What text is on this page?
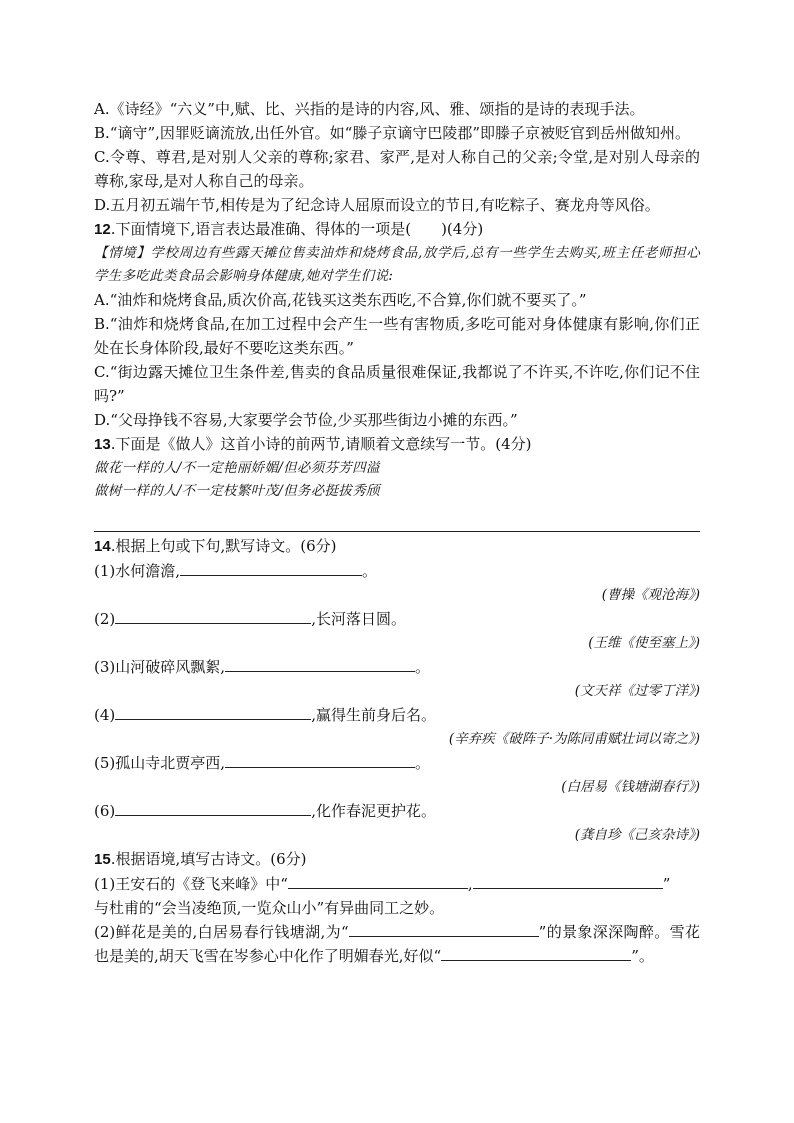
A.《诗经》“六义”中,赋、比、兴指的是诗的内容,风、雅、颂指的是诗的表现手法。

B.“谪守”,因罪贬谪流放,出任外官。如“滕子京谪守巴陵郡”即滕子京被贬官到岳州做知州。

C.令尊、尊君,是对别人父亲的尊称;家君、家严,是对人称自己的父亲;令堂,是对别人母亲的尊称,家母,是对人称自己的母亲。

D.五月初五端午节,相传是为了纪念诗人屈原而设立的节日,有吃粽子、赛龙舟等风俗。

12.下面情境下,语言表达最准确、得体的一项是(　　)(4分)

【情境】学校周边有些露天摊位售卖油炸和烧烤食品,放学后,总有一些学生去购买,班主任老师担心学生多吃此类食品会影响身体健康,她对学生们说:

A.“油炸和烧烤食品,质次价高,花钱买这类东西吃,不合算,你们就不要买了。”

B.“油炸和烧烤食品,在加工过程中会产生一些有害物质,多吃可能对身体健康有影响,你们正处在长身体阶段,最好不要吃这类东西。”

C.“街边露天摊位卫生条件差,售卖的食品质量很难保证,我都说了不许买,不许吃,你们记不住吗?”

D.“父母挣钱不容易,大家要学会节俭,少买那些街边小摊的东西。”

13.下面是《做人》这首小诗的前两节,请顺着文意续写一节。(4分)

做花一样的人/不一定艳丽娇媚/但必须芬芳四溢

做树一样的人/不一定枝繁叶茂/但务必挺拔秀颀

14.根据上句或下句,默写诗文。(6分)

(1)水何澹澹,	。

(曹操《观沧海》)

(2)	,长河落日圆。

(王维《使至塞上》)

(3)山河破碎风飘絮,	。

(文天祥《过零丁洋》)

(4)	,赢得生前身后名。

(辛弃疾《破阵子·为陈同甫赋壮词以寄之》)

(5)孤山寺北贾亭西,	。

(白居易《钱塘湖春行》)

(6)	,化作春泥更护花。

(龚自珍《己亥杂诗》)

15.根据语境,填写古诗文。(6分)

(1)王安石的《登飞来峰》中“	,	”
与杜甫的“会当凌绝顶,一览众山小”有异曲同工之妙。

(2)鲜花是美的,白居易春行钱塘湖,为“	”的景象深深陶醉。雪花也是美的,胡天飞雪在岑参心中化作了明媚春光,好似“	”。
